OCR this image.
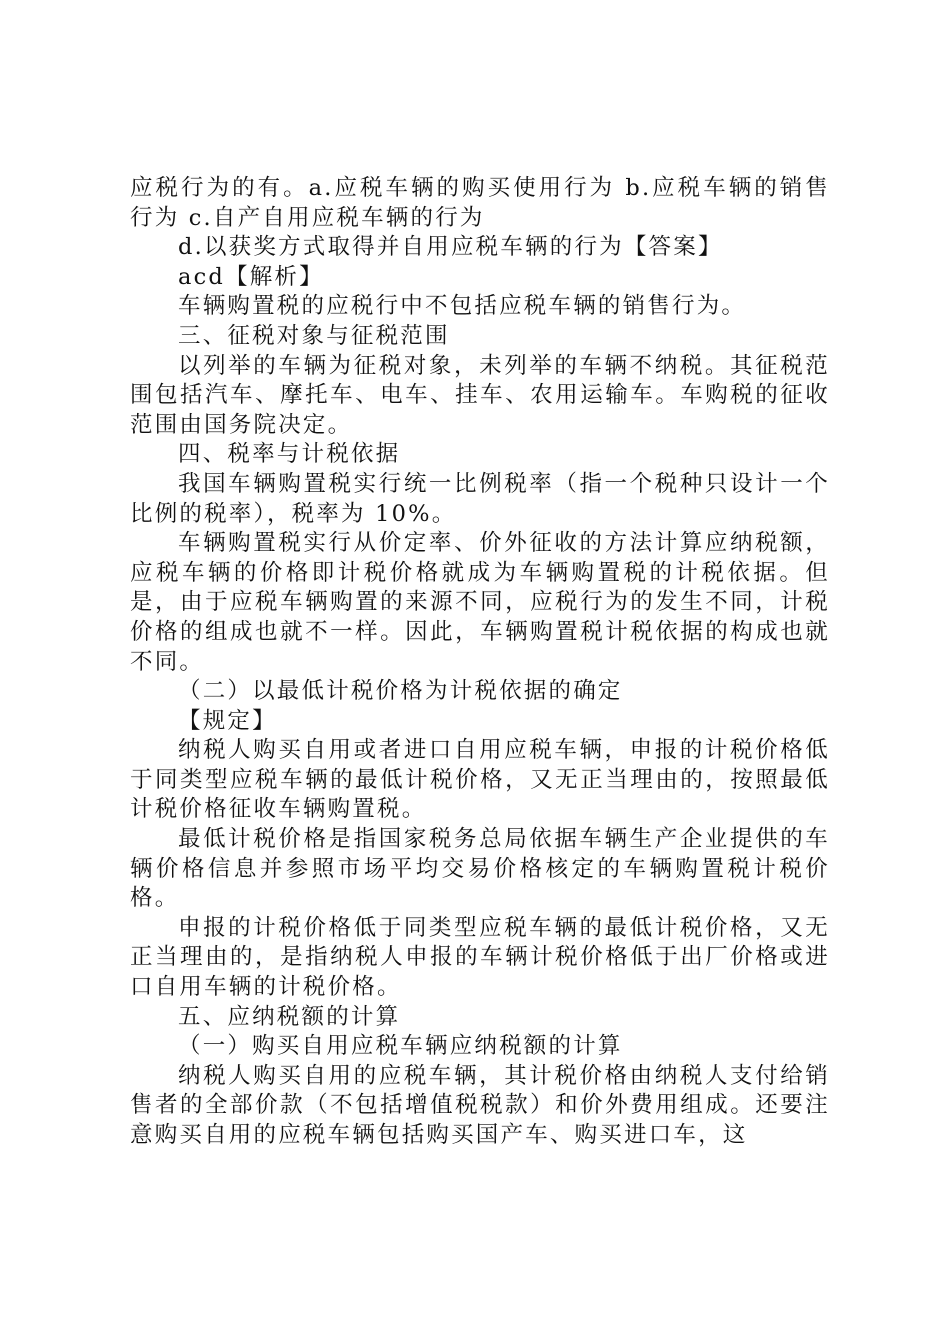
应税行为的有。a.应税车辆的购买使用行为 b.应税车辆的销售行为 c.自产自用应税车辆的行为

d.以获奖方式取得并自用应税车辆的行为【答案】

acd【解析】

车辆购置税的应税行中不包括应税车辆的销售行为。

三、征税对象与征税范围

以列举的车辆为征税对象，未列举的车辆不纳税。其征税范围包括汽车、摩托车、电车、挂车、农用运输车。车购税的征收范围由国务院决定。

四、税率与计税依据

我国车辆购置税实行统一比例税率（指一个税种只设计一个比例的税率），税率为 10%。

车辆购置税实行从价定率、价外征收的方法计算应纳税额，应税车辆的价格即计税价格就成为车辆购置税的计税依据。但是，由于应税车辆购置的来源不同，应税行为的发生不同，计税价格的组成也就不一样。因此，车辆购置税计税依据的构成也就不同。

（二）以最低计税价格为计税依据的确定

【规定】

纳税人购买自用或者进口自用应税车辆，申报的计税价格低于同类型应税车辆的最低计税价格，又无正当理由的，按照最低计税价格征收车辆购置税。

最低计税价格是指国家税务总局依据车辆生产企业提供的车辆价格信息并参照市场平均交易价格核定的车辆购置税计税价格。

申报的计税价格低于同类型应税车辆的最低计税价格，又无正当理由的，是指纳税人申报的车辆计税价格低于出厂价格或进口自用车辆的计税价格。

五、应纳税额的计算

（一）购买自用应税车辆应纳税额的计算

纳税人购买自用的应税车辆，其计税价格由纳税人支付给销售者的全部价款（不包括增值税税款）和价外费用组成。还要注意购买自用的应税车辆包括购买国产车、购买进口车，这
